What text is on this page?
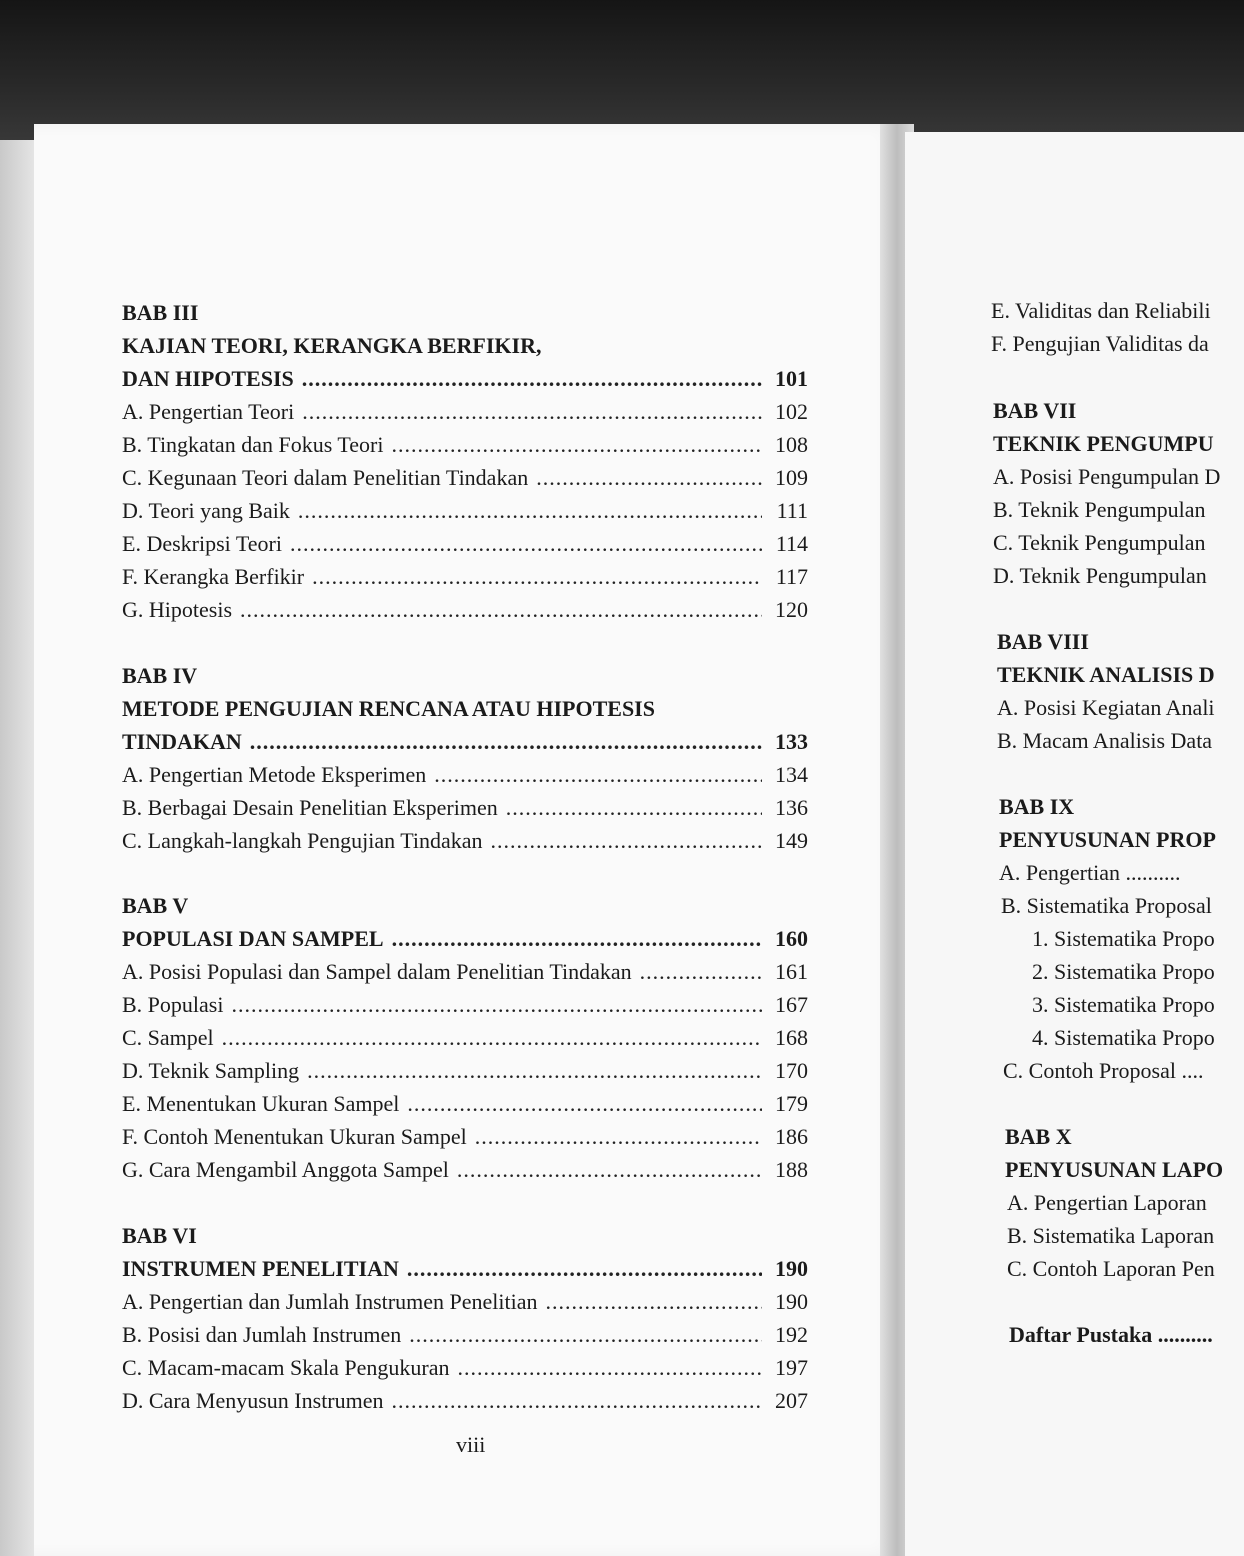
BAB III
KAJIAN TEORI, KERANGKA BERFIKIR,
DAN HIPOTESIS .....	101
A. Pengertian Teori .....	102
B. Tingkatan dan Fokus Teori .....	108
C. Kegunaan Teori dalam Penelitian Tindakan .....	109
D. Teori yang Baik .....	111
E. Deskripsi Teori .....	114
F. Kerangka Berfikir .....	117
G. Hipotesis .....	120
BAB IV
METODE PENGUJIAN RENCANA ATAU HIPOTESIS
TINDAKAN .....	133
A. Pengertian Metode Eksperimen .....	134
B. Berbagai Desain Penelitian Eksperimen .....	136
C. Langkah-langkah Pengujian Tindakan .....	149
BAB V
POPULASI DAN SAMPEL .....	160
A. Posisi Populasi dan Sampel dalam Penelitian Tindakan .....	161
B. Populasi .....	167
C. Sampel .....	168
D. Teknik Sampling .....	170
E. Menentukan Ukuran Sampel .....	179
F. Contoh Menentukan Ukuran Sampel .....	186
G. Cara Mengambil Anggota Sampel .....	188
BAB VI
INSTRUMEN PENELITIAN .....	190
A. Pengertian dan Jumlah Instrumen Penelitian .....	190
B. Posisi dan Jumlah Instrumen .....	192
C. Macam-macam Skala Pengukuran .....	197
D. Cara Menyusun Instrumen .....	207
viii
E. Validitas dan Reliabili
F. Pengujian Validitas da
BAB VII
TEKNIK PENGUMPU
A. Posisi Pengumpulan D
B. Teknik Pengumpulan
C. Teknik Pengumpulan
D. Teknik Pengumpulan
BAB VIII
TEKNIK ANALISIS D
A. Posisi Kegiatan Anali
B. Macam Analisis Data
BAB IX
PENYUSUNAN PROP
A. Pengertian ..........
B. Sistematika Proposal
1. Sistematika Propo
2. Sistematika Propo
3. Sistematika Propo
4. Sistematika Propo
C. Contoh Proposal ....
BAB X
PENYUSUNAN LAPO
A. Pengertian Laporan
B. Sistematika Laporan
C. Contoh Laporan Pen
Daftar Pustaka ..........
